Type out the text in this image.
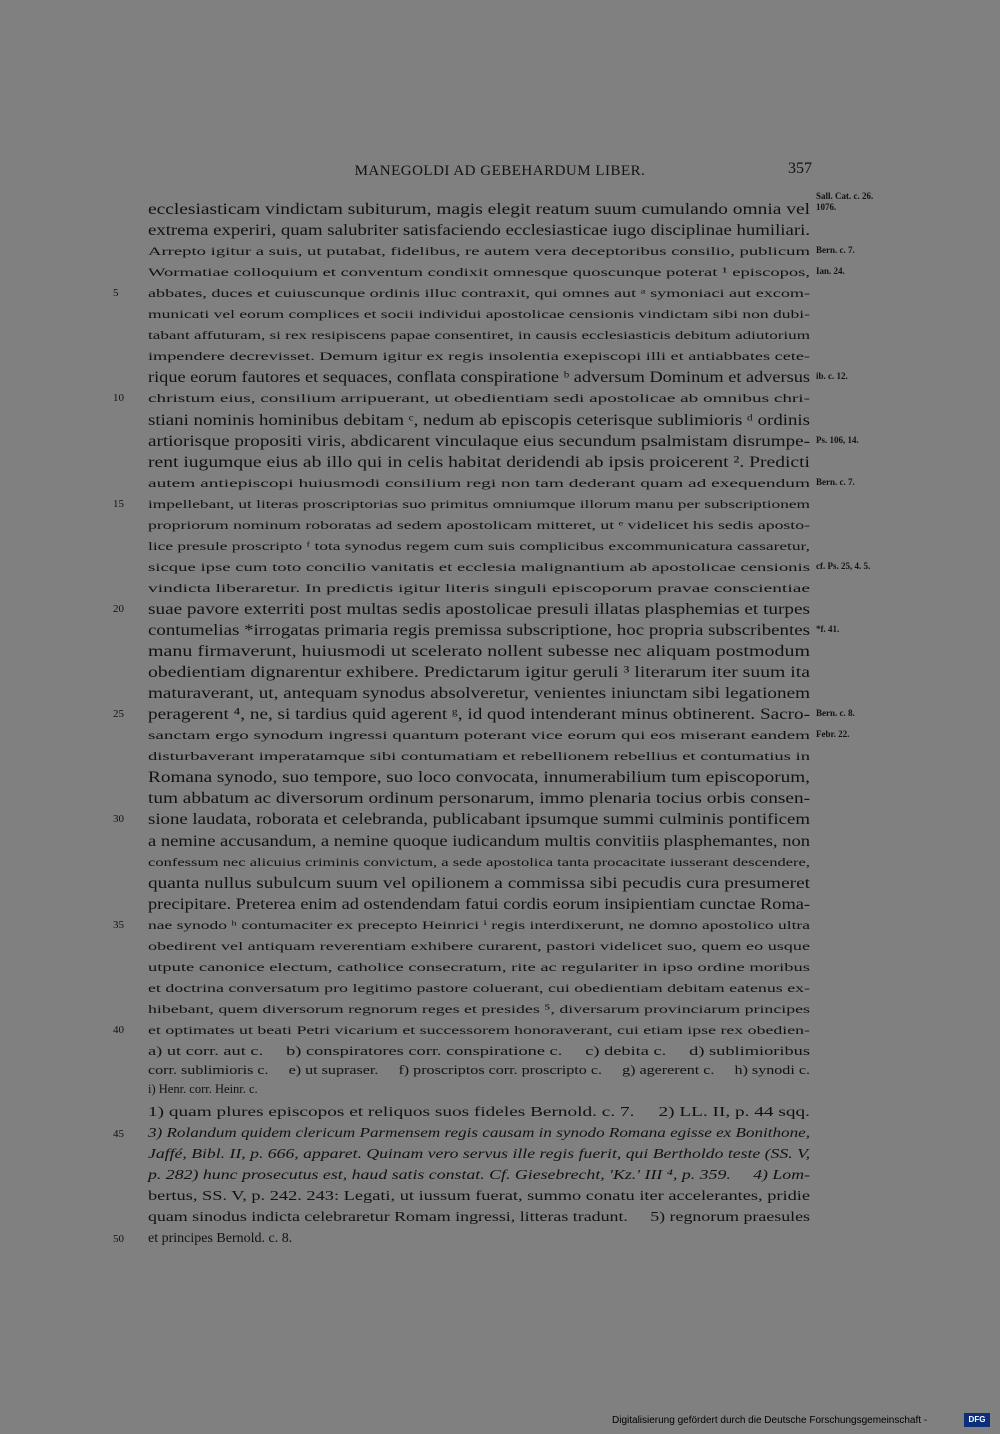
MANEGOLDI AD GEBEHARDUM LIBER.	357
ecclesiasticam vindictam subiturum, magis elegit reatum suum cumulando omnia vel
extrema experiri, quam salubriter satisfaciendo ecclesiasticae iugo disciplinae humiliari.
Arrepto igitur a suis, ut putabat, fidelibus, re autem vera deceptoribus consilio, publicum
Wormatiae colloquium et conventum condixit omnesque quoscunque poterat ¹ episcopos,
abbates, duces et cuiuscunque ordinis illuc contraxit, qui omnes aut ᵃ symoniaci aut excom-
municati vel eorum complices et socii individui apostolicae censionis vindictam sibi non dubi-
tabant affuturam, si rex resipiscens papae consentiret, in causis ecclesiasticis debitum adiutorium
impendere decrevisset. Demum igitur ex regis insolentia exepiscopi illi et antiabbates cete-
rique eorum fautores et sequaces, conflata conspiratione ᵇ adversum Dominum et adversus
christum eius, consilium arripuerant, ut obedientiam sedi apostolicae ab omnibus chri-
stiani nominis hominibus debitam ᶜ, nedum ab episcopis ceterisque sublimioris ᵈ ordinis
artiorisque propositi viris, abdicarent vinculaque eius secundum psalmistam disrumpe-
rent iugumque eius ab illo qui in celis habitat deridendi ab ipsis proicerent ². Predicti
autem antiepiscopi huiusmodi consilium regi non tam dederant quam ad exequendum
impellebant, ut literas proscriptorias suo primitus omniumque illorum manu per subscriptionem
propriorum nominum roboratas ad sedem apostolicam mitteret, ut ᵉ videlicet his sedis aposto-
lice presule proscripto ᶠ tota synodus regem cum suis complicibus excommunicatura cassaretur,
sicque ipse cum toto concilio vanitatis et ecclesia malignantium ab apostolicae censionis
vindicta liberaretur. In predictis igitur literis singuli episcoporum pravae conscientiae
suae pavore exterriti post multas sedis apostolicae presuli illatas plasphemias et turpes
contumelias *irrogatas primaria regis premissa subscriptione, hoc propria subscribentes
manu firmaverunt, huiusmodi ut scelerato nollent subesse nec aliquam postmodum
obedientiam dignarentur exhibere. Predictarum igitur geruli ³ literarum iter suum ita
maturaverant, ut, antequam synodus absolveretur, venientes iniunctam sibi legationem
peragerent ⁴, ne, si tardius quid agerent ᵍ, id quod intenderant minus obtinerent. Sacro-
sanctam ergo synodum ingressi quantum poterant vice eorum qui eos miserant eandem
disturbaverant imperatamque sibi contumatiam et rebellionem rebellius et contumatius in
Romana synodo, suo tempore, suo loco convocata, innumerabilium tum episcoporum,
tum abbatum ac diversorum ordinum personarum, immo plenaria tocius orbis consen-
sione laudata, roborata et celebranda, publicabant ipsumque summi culminis pontificem
a nemine accusandum, a nemine quoque iudicandum multis convitiis plasphemantes, non
confessum nec alicuius criminis convictum, a sede apostolica tanta procacitate iusserant descendere,
quanta nullus subulcum suum vel opilionem a commissa sibi pecudis cura presumeret
precipitare. Preterea enim ad ostendendam fatui cordis eorum insipientiam cunctae Roma-
nae synodo ʰ contumaciter ex precepto Heinrici ⁱ regis interdixerunt, ne domno apostolico ultra
obedirent vel antiquam reverentiam exhibere curarent, pastori videlicet suo, quem eo usque
utpute canonice electum, catholice consecratum, rite ac regulariter in ipso ordine moribus
et doctrina conversatum pro legitimo pastore coluerant, cui obedientiam debitam eatenus ex-
hibebant, quem diversorum regnorum reges et presides ⁵, diversarum provinciarum principes
et optimates ut beati Petri vicarium et successorem honoraverant, cui etiam ipse rex obedien-
5
10
15
20
25
30
35
40
Sall. Cat. c. 26. 1076.
Bern. c. 7.
Ian. 24.
ib. c. 12.
Ps. 106, 14.
Bern. c. 7.
cf. Ps. 25, 4. 5.
*f. 41.
Bern. c. 8.
Febr. 22.
a) ut corr. aut c.     b) conspiratores corr. conspiratione c.     c) debita c.     d) sublimioribus
corr. sublimioris c.     e) ut supraser.     f) proscriptos corr. proscripto c.     g) agererent c.     h) synodi c.
i) Henr. corr. Heinr. c.
1) quam plures episcopos et reliquos suos fideles Bernold. c. 7.     2) LL. II, p. 44 sqq.
45	3) Rolandum quidem clericum Parmensem regis causam in synodo Romana egisse ex Bonithone,
Jaffé, Bibl. II, p. 666, apparet. Quinam vero servus ille regis fuerit, qui Bertholdo teste (SS. V,
p. 282) hunc prosecutus est, haud satis constat. Cf. Giesebrecht, 'Kz.' III ⁴, p. 359.     4) Lom-
bertus, SS. V, p. 242. 243: Legati, ut iussum fuerat, summo conatu iter accelerantes, pridie
quam sinodus indicta celebraretur Romam ingressi, litteras tradunt.     5) regnorum praesules
50	et principes Bernold. c. 8.
Digitalisierung gefördert durch die Deutsche Forschungsgemeinschaft -	DFG
